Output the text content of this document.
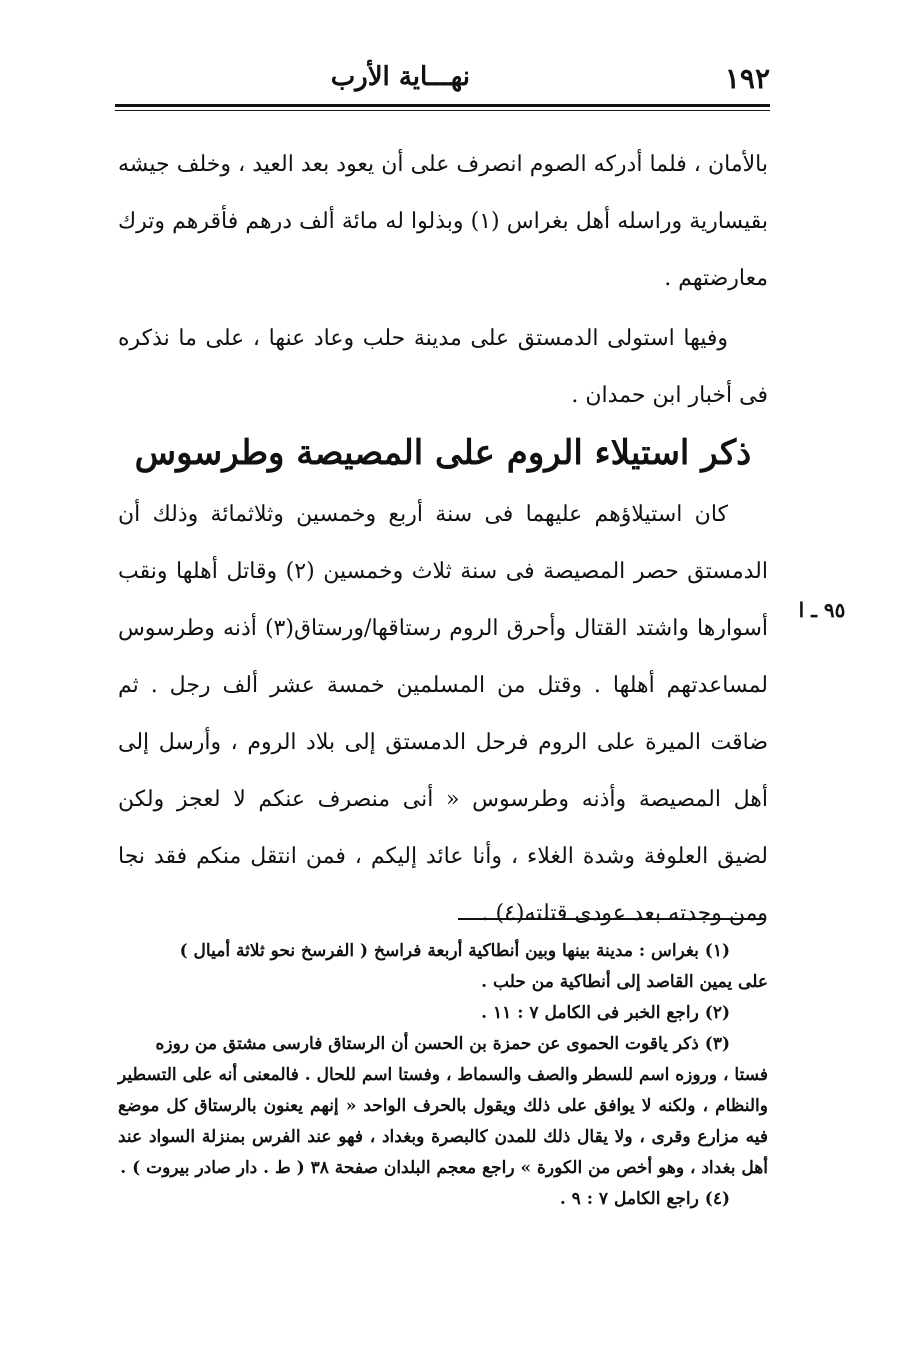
١٩٢
نهـــاية الأرب

بالأمان ، فلما أدركه الصوم انصرف على أن يعود بعد العيد ، وخلف جيشه بقيسارية وراسله أهل بغراس (١) وبذلوا له مائة ألف درهم فأقرهم وترك معارضتهم .

وفيها استولى الدمستق على مدينة حلب وعاد عنها ، على ما نذكره فى أخبار ابن حمدان .

ذكر استيلاء الروم على المصيصة وطرسوس

كان استيلاؤهم عليهما فى سنة أربع وخمسين وثلاثمائة وذلك أن الدمستق حصر المصيصة فى سنة ثلاث وخمسين (٢) وقاتل أهلها ونقب أسوارها واشتد القتال وأحرق الروم رستاقها/ورستاق(٣) أذنه وطرسوس لمساعدتهم أهلها . وقتل من المسلمين خمسة عشر ألف رجل . ثم ضاقت الميرة على الروم فرحل الدمستق إلى بلاد الروم ، وأرسل إلى أهل المصيصة وأذنه وطرسوس « أنى منصرف عنكم لا لعجز ولكن لضيق العلوفة وشدة الغلاء ، وأنا عائد إليكم ، فمن انتقل منكم فقد نجا ومن وجدته بعد عودى قتلته(٤) .

٩٥ ـ ا

(١) بغراس : مدينة بينها وبين أنطاكية أربعة فراسخ ( الفرسخ نحو ثلاثة أميال )

على يمين القاصد إلى أنطاكية من حلب .

(٢) راجع الخبر فى الكامل ٧ : ١١ .

(٣) ذكر ياقوت الحموى عن حمزة بن الحسن أن الرستاق فارسى مشتق من روزه

فستا ، وروزه اسم للسطر والصف والسماط ، وفستا اسم للحال . فالمعنى أنه على التسطير والنظام ، ولكنه لا يوافق على ذلك ويقول بالحرف الواحد « إنهم يعنون بالرستاق كل موضع فيه مزارع وقرى ، ولا يقال ذلك للمدن كالبصرة وبغداد ، فهو عند الفرس بمنزلة السواد عند أهل بغداد ، وهو أخص من الكورة » راجع معجم البلدان صفحة ٣٨ ( ط . دار صادر بيروت ) .

(٤) راجع الكامل ٧ : ٩ .
